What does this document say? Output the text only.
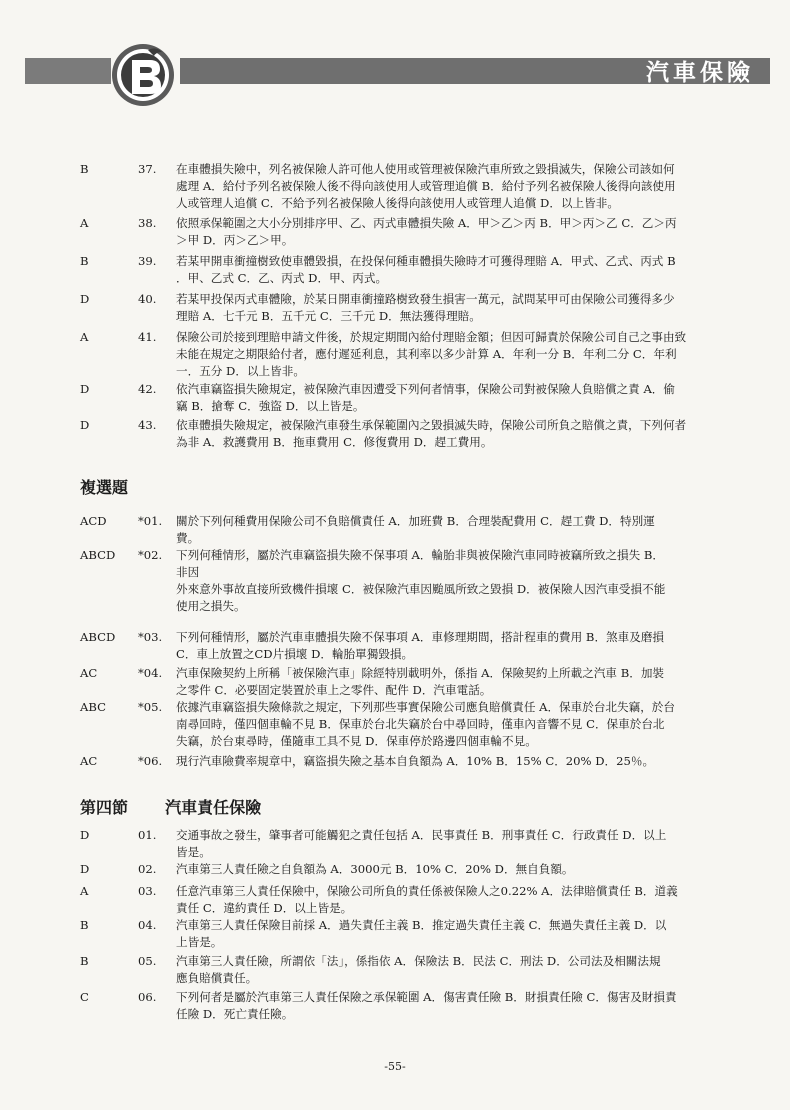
汽車保險
B	37.	在車體損失險中，列名被保險人許可他人使用或管理被保險汽車所致之毀損滅失，保險公司該如何
處理 A．給付予列名被保險人後不得向該使用人或管理追償 B．給付予列名被保險人後得向該使用
人或管理人追償 C．不給予列名被保險人後得向該使用人或管理人追償 D．以上皆非。
A	38.	依照承保範圍之大小分別排序甲、乙、丙式車體損失險 A．甲＞乙＞丙 B．甲＞丙＞乙 C．乙＞丙
＞甲 D．丙＞乙＞甲。
B	39.	若某甲開車衝撞樹致使車體毀損，在投保何種車體損失險時才可獲得理賠 A．甲式、乙式、丙式 B
．甲、乙式 C．乙、丙式 D．甲、丙式。
D	40.	若某甲投保丙式車體險，於某日開車衝撞路樹致發生損害一萬元，試問某甲可由保險公司獲得多少
理賠 A．七千元 B．五千元 C．三千元 D．無法獲得理賠。
A	41.	保險公司於接到理賠申請文件後，於規定期間內給付理賠金額；但因可歸責於保險公司自己之事由致
未能在規定之期限給付者，應付遲延利息，其利率以多少計算 A．年利一分 B．年利二分 C．年利
一．五分 D．以上皆非。
D	42.	依汽車竊盜損失險規定，被保險汽車因遭受下列何者情事，保險公司對被保險人負賠償之責 A．偷
竊 B．搶奪 C．強盜 D．以上皆是。
D	43.	依車體損失險規定，被保險汽車發生承保範圍內之毀損滅失時，保險公司所負之賠償之責，下列何者
為非 A．救護費用 B．拖車費用 C．修復費用 D．趕工費用。
複選題
ACD	*01.	關於下列何種費用保險公司不負賠償責任 A．加班費 B．合理裝配費用 C．趕工費 D．特別運
費。
ABCD	*02.	下列何種情形，屬於汽車竊盜損失險不保事項 A．輪胎非與被保險汽車同時被竊所致之損失 B．
非因
外來意外事故直接所致機件損壞 C．被保險汽車因颱風所致之毀損 D．被保險人因汽車受損不能
使用之損失。
ABCD	*03.	下列何種情形，屬於汽車車體損失險不保事項 A．車修理期間，搭計程車的費用 B．煞車及磨損
C．車上放置之CD片損壞 D．輪胎單獨毀損。
AC	*04.	汽車保險契約上所稱「被保險汽車」除經特別載明外，係指 A．保險契約上所載之汽車 B．加裝
之零件 C．必要固定裝置於車上之零件、配件 D．汽車電話。
ABC	*05.	依據汽車竊盜損失險條款之規定，下列那些事實保險公司應負賠償責任 A．保車於台北失竊，於台
南尋回時，僅四個車輪不見 B．保車於台北失竊於台中尋回時，僅車內音響不見 C．保車於台北
失竊，於台東尋時，僅隨車工具不見 D．保車停於路邊四個車輪不見。
AC	*06.	現行汽車險費率規章中，竊盜損失險之基本自負額為 A．10% B．15% C．20% D．25％。
第四節 汽車責任保險
D	01.	交通事故之發生，肇事者可能觸犯之責任包括 A．民事責任 B．刑事責任 C．行政責任 D．以上
皆是。
D	02.	汽車第三人責任險之自負額為 A．3000元 B．10% C．20% D．無自負額。
A	03.	任意汽車第三人責任保險中，保險公司所負的責任係被保險人之0.22% A．法律賠償責任 B．道義
責任 C．違約責任 D．以上皆是。
B	04.	汽車第三人責任保險目前採 A．過失責任主義 B．推定過失責任主義 C．無過失責任主義 D．以
上皆是。
B	05.	汽車第三人責任險，所謂依「法」，係指依 A．保險法 B．民法 C．刑法 D．公司法及相關法規
應負賠償責任。
C	06.	下列何者是屬於汽車第三人責任保險之承保範圍 A．傷害責任險 B．財損責任險 C．傷害及財損責
任險 D．死亡責任險。
-55-
